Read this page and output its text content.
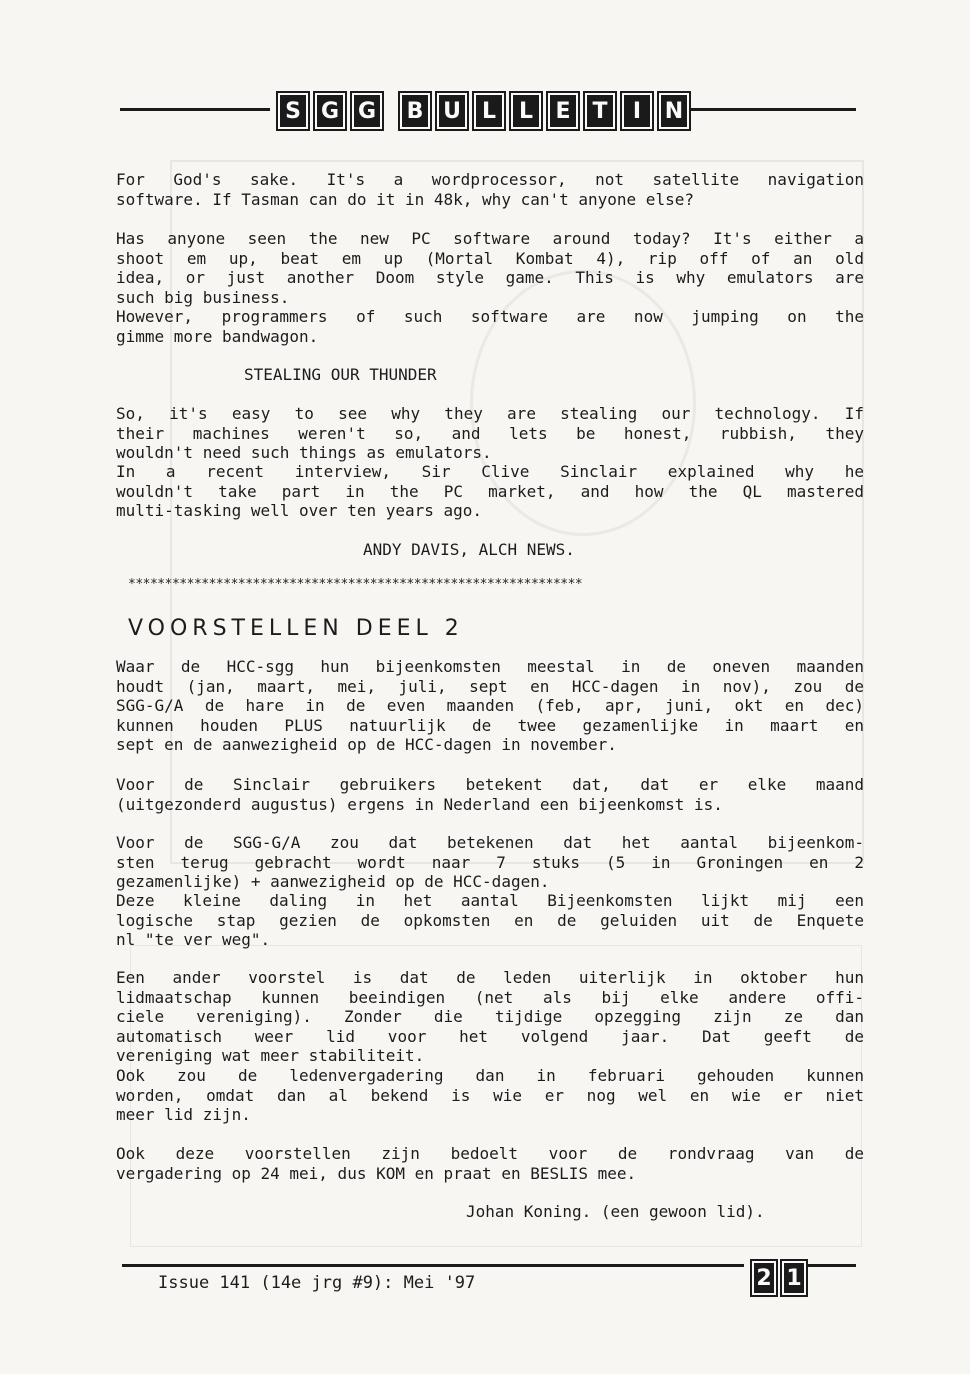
S G G	B U L	L	E T	I	N
For God's sake. It's a wordprocessor, not satellite navigation
software. If Tasman can do it in 48k, why can't anyone else?
Has anyone seen the new PC software around today? It's either a
shoot em up, beat em up (Mortal Kombat 4), rip off of an old
idea, or just another Doom style game. This is why emulators are
such big business.
However, programmers of such software are now jumping on the
gimme more bandwagon.
STEALING OUR THUNDER
So, it's easy to see why they are stealing our technology. If
their machines weren't so, and lets be honest, rubbish, they
wouldn't need such things as emulators.
In a recent interview, Sir Clive Sinclair explained why he
wouldn't take part in the PC market, and how the QL mastered
multi-tasking well over ten years ago.
ANDY DAVIS, ALCH NEWS.
**************************************************************
VOORSTELLEN DEEL 2
Waar de HCC-sgg hun bijeenkomsten meestal in de oneven maanden
houdt (jan, maart, mei, juli, sept en HCC-dagen in nov), zou de
SGG-G/A de hare in de even maanden (feb, apr, juni, okt en dec)
kunnen houden PLUS natuurlijk de twee gezamenlijke in maart en
sept en de aanwezigheid op de HCC-dagen in november.
Voor de Sinclair gebruikers betekent dat, dat er elke maand
(uitgezonderd augustus) ergens in Nederland een bijeenkomst is.
Voor de SGG-G/A zou dat betekenen dat het aantal bijeenkom-
sten terug gebracht wordt naar 7 stuks (5 in Groningen en 2
gezamenlijke) + aanwezigheid op de HCC-dagen.
Deze kleine daling in het aantal Bijeenkomsten lijkt mij een
logische stap gezien de opkomsten en de geluiden uit de Enquete
nl "te ver weg".
Een ander voorstel is dat de leden uiterlijk in oktober hun
lidmaatschap kunnen beeindigen (net als bij elke andere offi-
ciele vereniging). Zonder die tijdige opzegging zijn ze dan
automatisch weer lid voor het volgend jaar. Dat geeft de
vereniging wat meer stabiliteit.
Ook zou de ledenvergadering dan in februari gehouden kunnen
worden, omdat dan al bekend is wie er nog wel en wie er niet
meer lid zijn.
Ook deze voorstellen zijn bedoelt voor de rondvraag van de
vergadering op 24 mei, dus KOM en praat en BESLIS mee.
Johan Koning. (een gewoon lid).
Issue 141 (14e jrg #9): Mei '97	2 1
